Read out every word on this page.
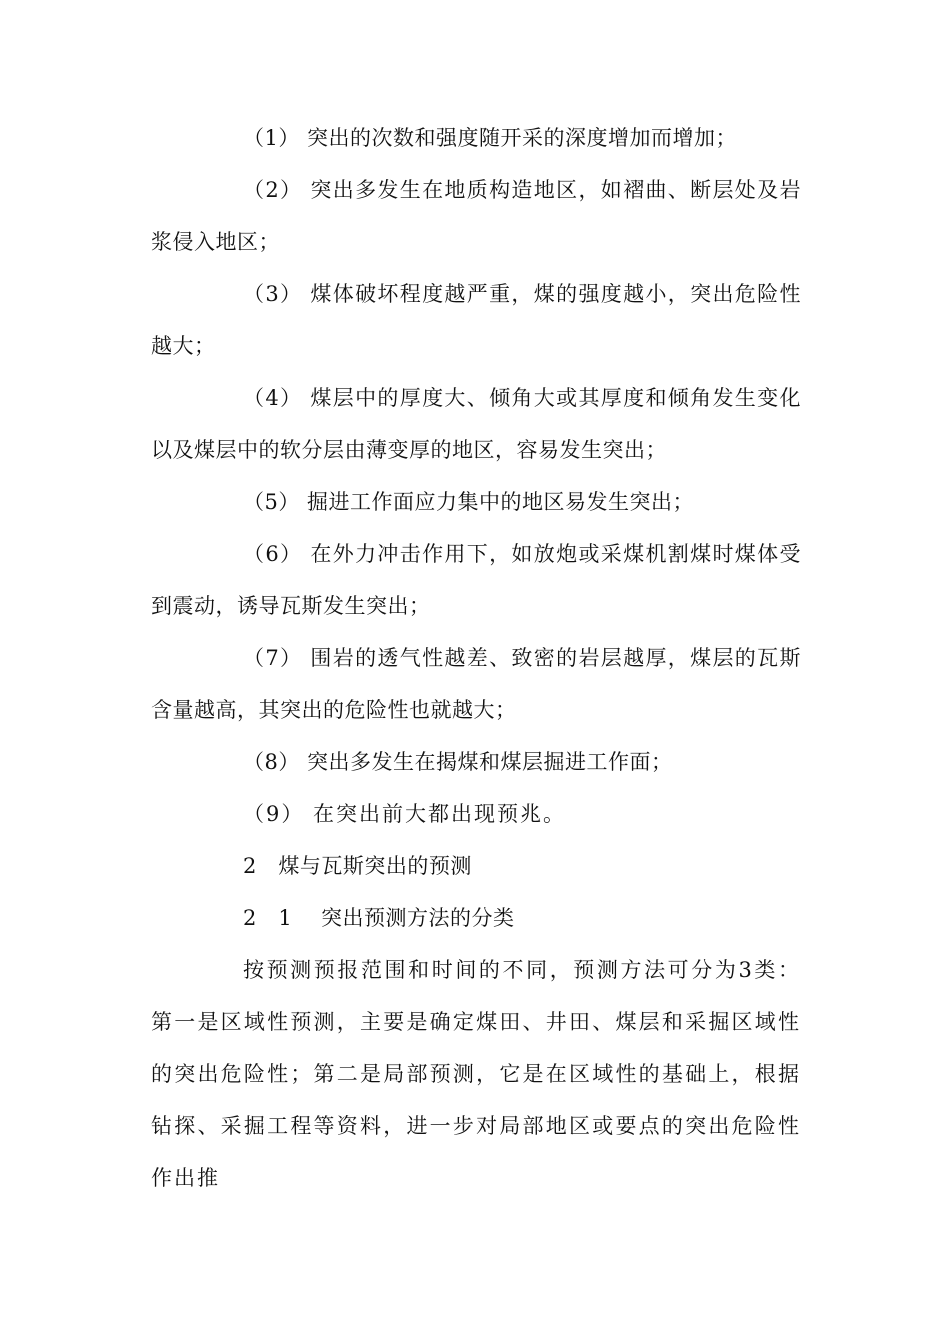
（1） 突出的次数和强度随开采的深度增加而增加；

（2） 突出多发生在地质构造地区，如褶曲、断层处及岩浆侵入地区；

（3） 煤体破坏程度越严重，煤的强度越小，突出危险性越大；

（4） 煤层中的厚度大、倾角大或其厚度和倾角发生变化以及煤层中的软分层由薄变厚的地区，容易发生突出；

（5） 掘进工作面应力集中的地区易发生突出；

（6） 在外力冲击作用下，如放炮或采煤机割煤时煤体受到震动，诱导瓦斯发生突出；

（7） 围岩的透气性越差、致密的岩层越厚，煤层的瓦斯含量越高，其突出的危险性也就越大；

（8） 突出多发生在揭煤和煤层掘进工作面；

（9） 在突出前大都出现预兆。

2   煤与瓦斯突出的预测

2   1    突出预测方法的分类

按预测预报范围和时间的不同，预测方法可分为3类：第一是区域性预测，主要是确定煤田、井田、煤层和采掘区域性的突出危险性；第二是局部预测，它是在区域性的基础上，根据钻探、采掘工程等资料，进一步对局部地区或要点的突出危险性作出推
